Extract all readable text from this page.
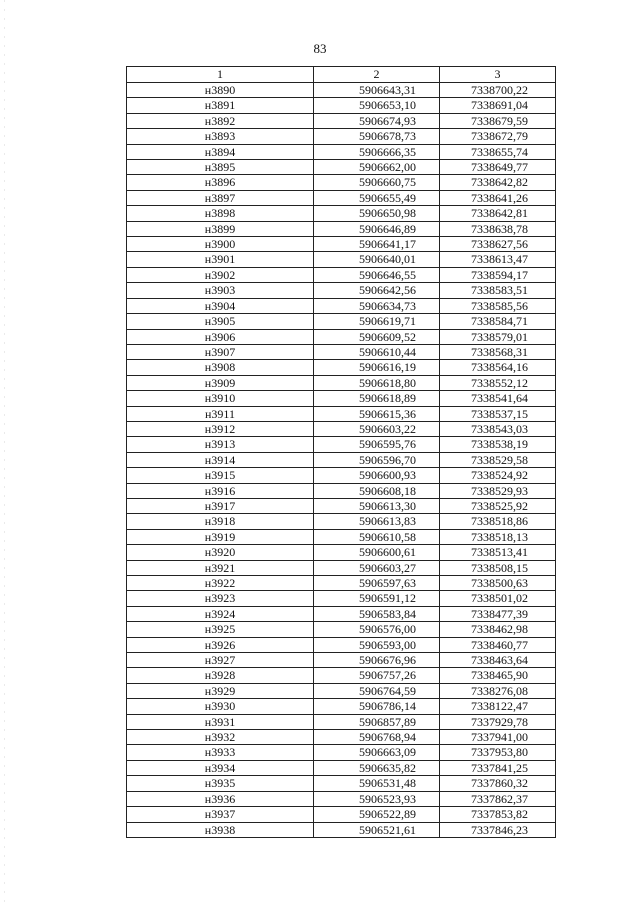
83
1	2	3
н3890	5906643,31	7338700,22
н3891	5906653,10	7338691,04
н3892	5906674,93	7338679,59
н3893	5906678,73	7338672,79
н3894	5906666,35	7338655,74
н3895	5906662,00	7338649,77
н3896	5906660,75	7338642,82
н3897	5906655,49	7338641,26
н3898	5906650,98	7338642,81
н3899	5906646,89	7338638,78
н3900	5906641,17	7338627,56
н3901	5906640,01	7338613,47
н3902	5906646,55	7338594,17
н3903	5906642,56	7338583,51
н3904	5906634,73	7338585,56
н3905	5906619,71	7338584,71
н3906	5906609,52	7338579,01
н3907	5906610,44	7338568,31
н3908	5906616,19	7338564,16
н3909	5906618,80	7338552,12
н3910	5906618,89	7338541,64
н3911	5906615,36	7338537,15
н3912	5906603,22	7338543,03
н3913	5906595,76	7338538,19
н3914	5906596,70	7338529,58
н3915	5906600,93	7338524,92
н3916	5906608,18	7338529,93
н3917	5906613,30	7338525,92
н3918	5906613,83	7338518,86
н3919	5906610,58	7338518,13
н3920	5906600,61	7338513,41
н3921	5906603,27	7338508,15
н3922	5906597,63	7338500,63
н3923	5906591,12	7338501,02
н3924	5906583,84	7338477,39
н3925	5906576,00	7338462,98
н3926	5906593,00	7338460,77
н3927	5906676,96	7338463,64
н3928	5906757,26	7338465,90
н3929	5906764,59	7338276,08
н3930	5906786,14	7338122,47
н3931	5906857,89	7337929,78
н3932	5906768,94	7337941,00
н3933	5906663,09	7337953,80
н3934	5906635,82	7337841,25
н3935	5906531,48	7337860,32
н3936	5906523,93	7337862,37
н3937	5906522,89	7337853,82
н3938	5906521,61	7337846,23
